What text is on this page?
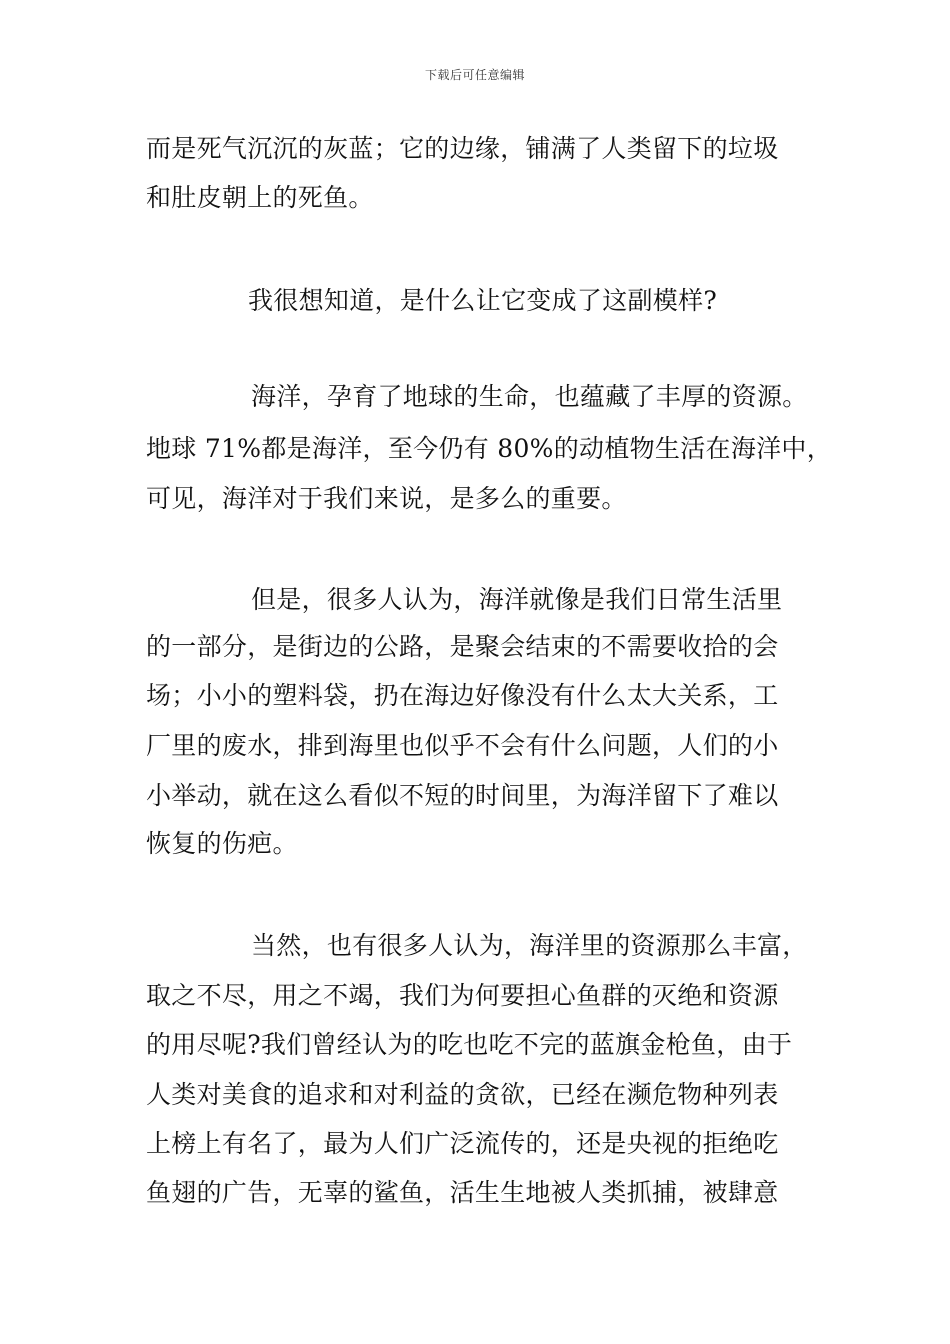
下载后可任意编辑
而是死气沉沉的灰蓝；它的边缘，铺满了人类留下的垃圾
和肚皮朝上的死鱼。
我很想知道，是什么让它变成了这副模样?
海洋，孕育了地球的生命，也蕴藏了丰厚的资源。
地球 71%都是海洋，至今仍有 80%的动植物生活在海洋中，
可见，海洋对于我们来说，是多么的重要。
但是，很多人认为，海洋就像是我们日常生活里
的一部分，是街边的公路，是聚会结束的不需要收拾的会
场；小小的塑料袋，扔在海边好像没有什么太大关系，工
厂里的废水，排到海里也似乎不会有什么问题，人们的小
小举动，就在这么看似不短的时间里，为海洋留下了难以
恢复的伤疤。
当然，也有很多人认为，海洋里的资源那么丰富，
取之不尽，用之不竭，我们为何要担心鱼群的灭绝和资源
的用尽呢?我们曾经认为的吃也吃不完的蓝旗金枪鱼，由于
人类对美食的追求和对利益的贪欲，已经在濒危物种列表
上榜上有名了，最为人们广泛流传的，还是央视的拒绝吃
鱼翅的广告，无辜的鲨鱼，活生生地被人类抓捕，被肆意
